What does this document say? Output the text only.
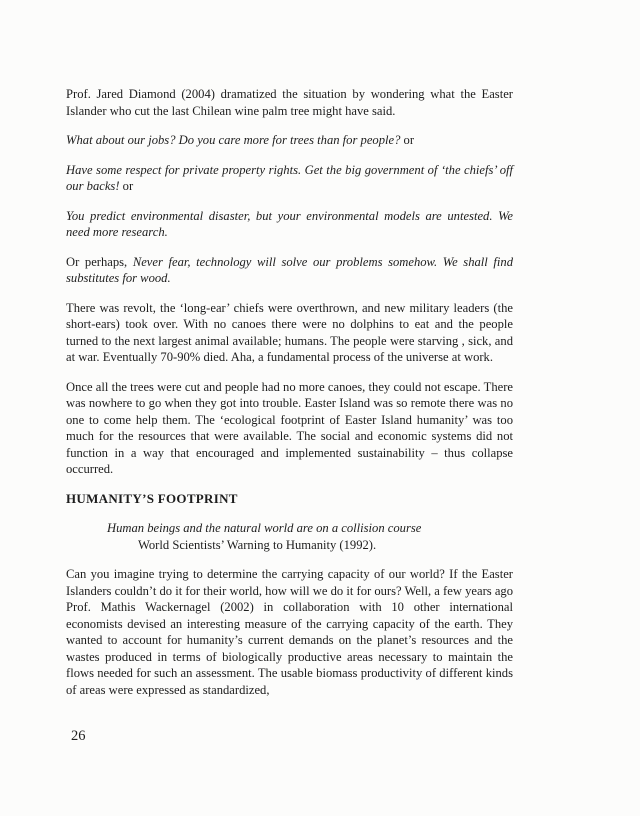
Prof. Jared Diamond (2004) dramatized the situation by wondering what the Easter Islander who cut the last Chilean wine palm tree might have said.

What about our jobs? Do you care more for trees than for people? or

Have some respect for private property rights. Get the big government of ‘the chiefs’ off our backs! or

You predict environmental disaster, but your environmental models are untested. We need more research.

Or perhaps, Never fear, technology will solve our problems somehow. We shall find substitutes for wood.

There was revolt, the ‘long-ear’ chiefs were overthrown, and new military leaders (the short-ears) took over. With no canoes there were no dolphins to eat and the people turned to the next largest animal available; humans. The people were starving , sick, and at war. Eventually 70-90% died. Aha, a fundamental process of the universe at work.

Once all the trees were cut and people had no more canoes, they could not escape. There was nowhere to go when they got into trouble. Easter Island was so remote there was no one to come help them. The ‘ecological footprint of Easter Island humanity’ was too much for the resources that were available. The social and economic systems did not function in a way that encouraged and implemented sustainability – thus collapse occurred.

HUMANITY’S FOOTPRINT
Human beings and the natural world are on a collision course
World Scientists’ Warning to Humanity (1992).

Can you imagine trying to determine the carrying capacity of our world? If the Easter Islanders couldn’t do it for their world, how will we do it for ours? Well, a few years ago Prof. Mathis Wackernagel (2002) in collaboration with 10 other international economists devised an interesting measure of the carrying capacity of the earth. They wanted to account for humanity’s current demands on the planet’s resources and the wastes produced in terms of biologically productive areas necessary to maintain the flows needed for such an assessment. The usable biomass productivity of different kinds of areas were expressed as standardized,

26
